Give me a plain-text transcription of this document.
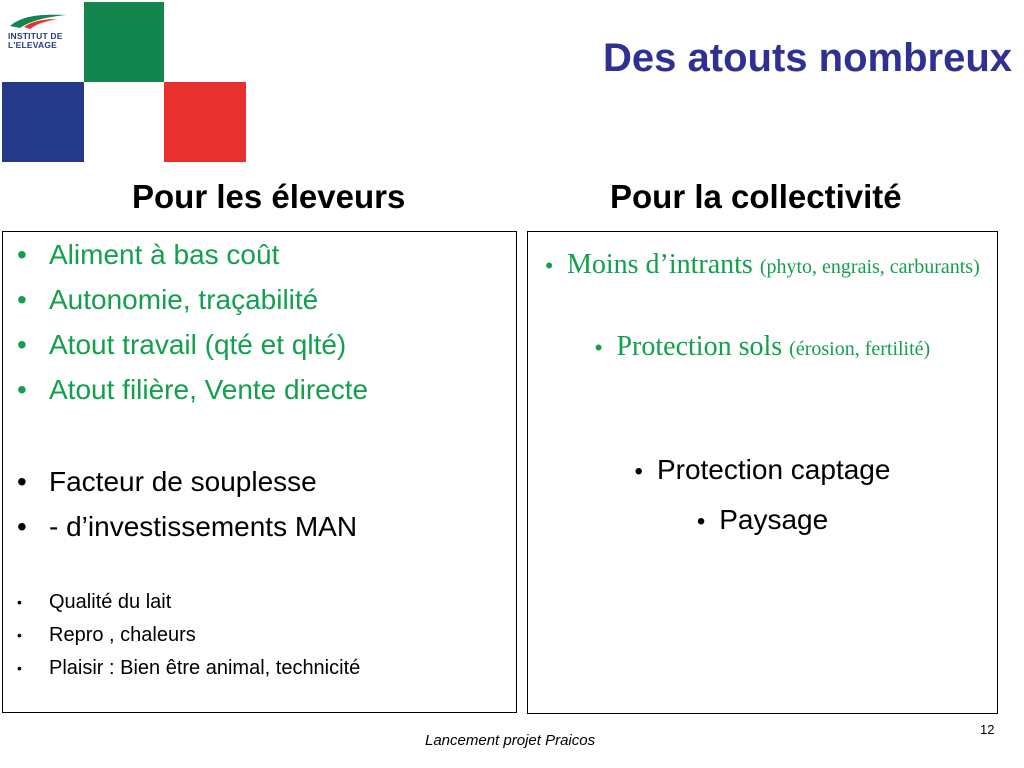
INSTITUT DE
L'ELEVAGE	Des atouts nombreux
Pour les éleveurs	Pour la collectivité
• Aliment à bas coût
• Autonomie, traçabilité
• Atout travail (qté et qlté)
• Atout filière, Vente directe
• Facteur de souplesse
• - d’investissements MAN
• Qualité du lait
• Repro , chaleurs
• Plaisir : Bien être animal, technicité
• Moins d’intrants (phyto, engrais, carburants)
• Protection sols (érosion, fertilité)
• Protection captage
• Paysage
Lancement projet Praicos
12
